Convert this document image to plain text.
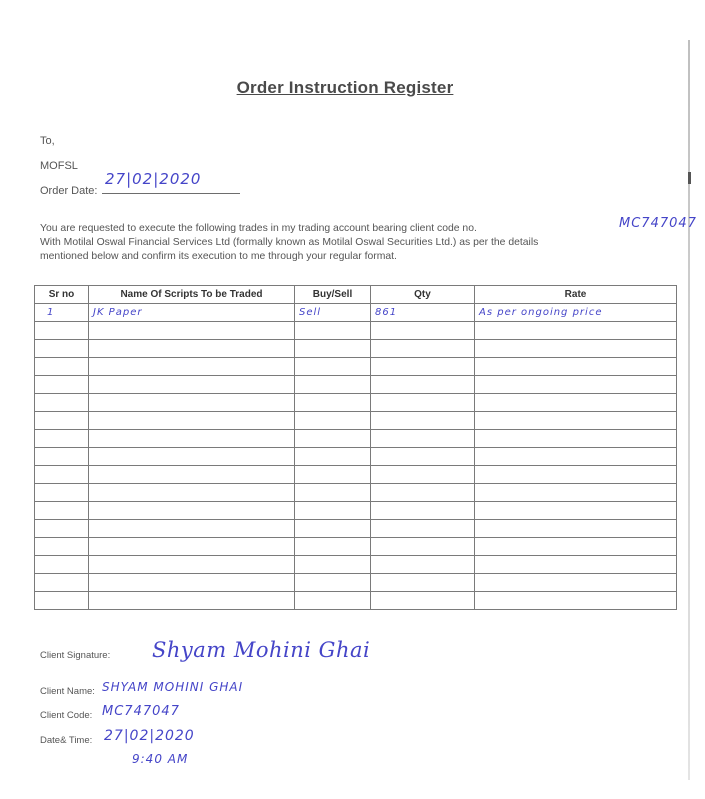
Order Instruction Register
To,
MOFSL
Order Date:
27|02|2020
You are requested to execute the following trades in my trading account bearing client code no.
With Motilal Oswal Financial Services Ltd (formally known as Motilal Oswal Securities Ltd.) as per the details
mentioned below and confirm its execution to me through your regular format.
MC747047
Sr no	Name Of Scripts To be Traded	Buy/Sell	Qty	Rate
1	JK Paper	Sell	861	As per ongoing price

Client Signature: Shyam Mohini Ghai
Client Name: SHYAM MOHINI GHAI
Client Code: MC747047
Date& Time: 27|02|2020
9:40 AM
